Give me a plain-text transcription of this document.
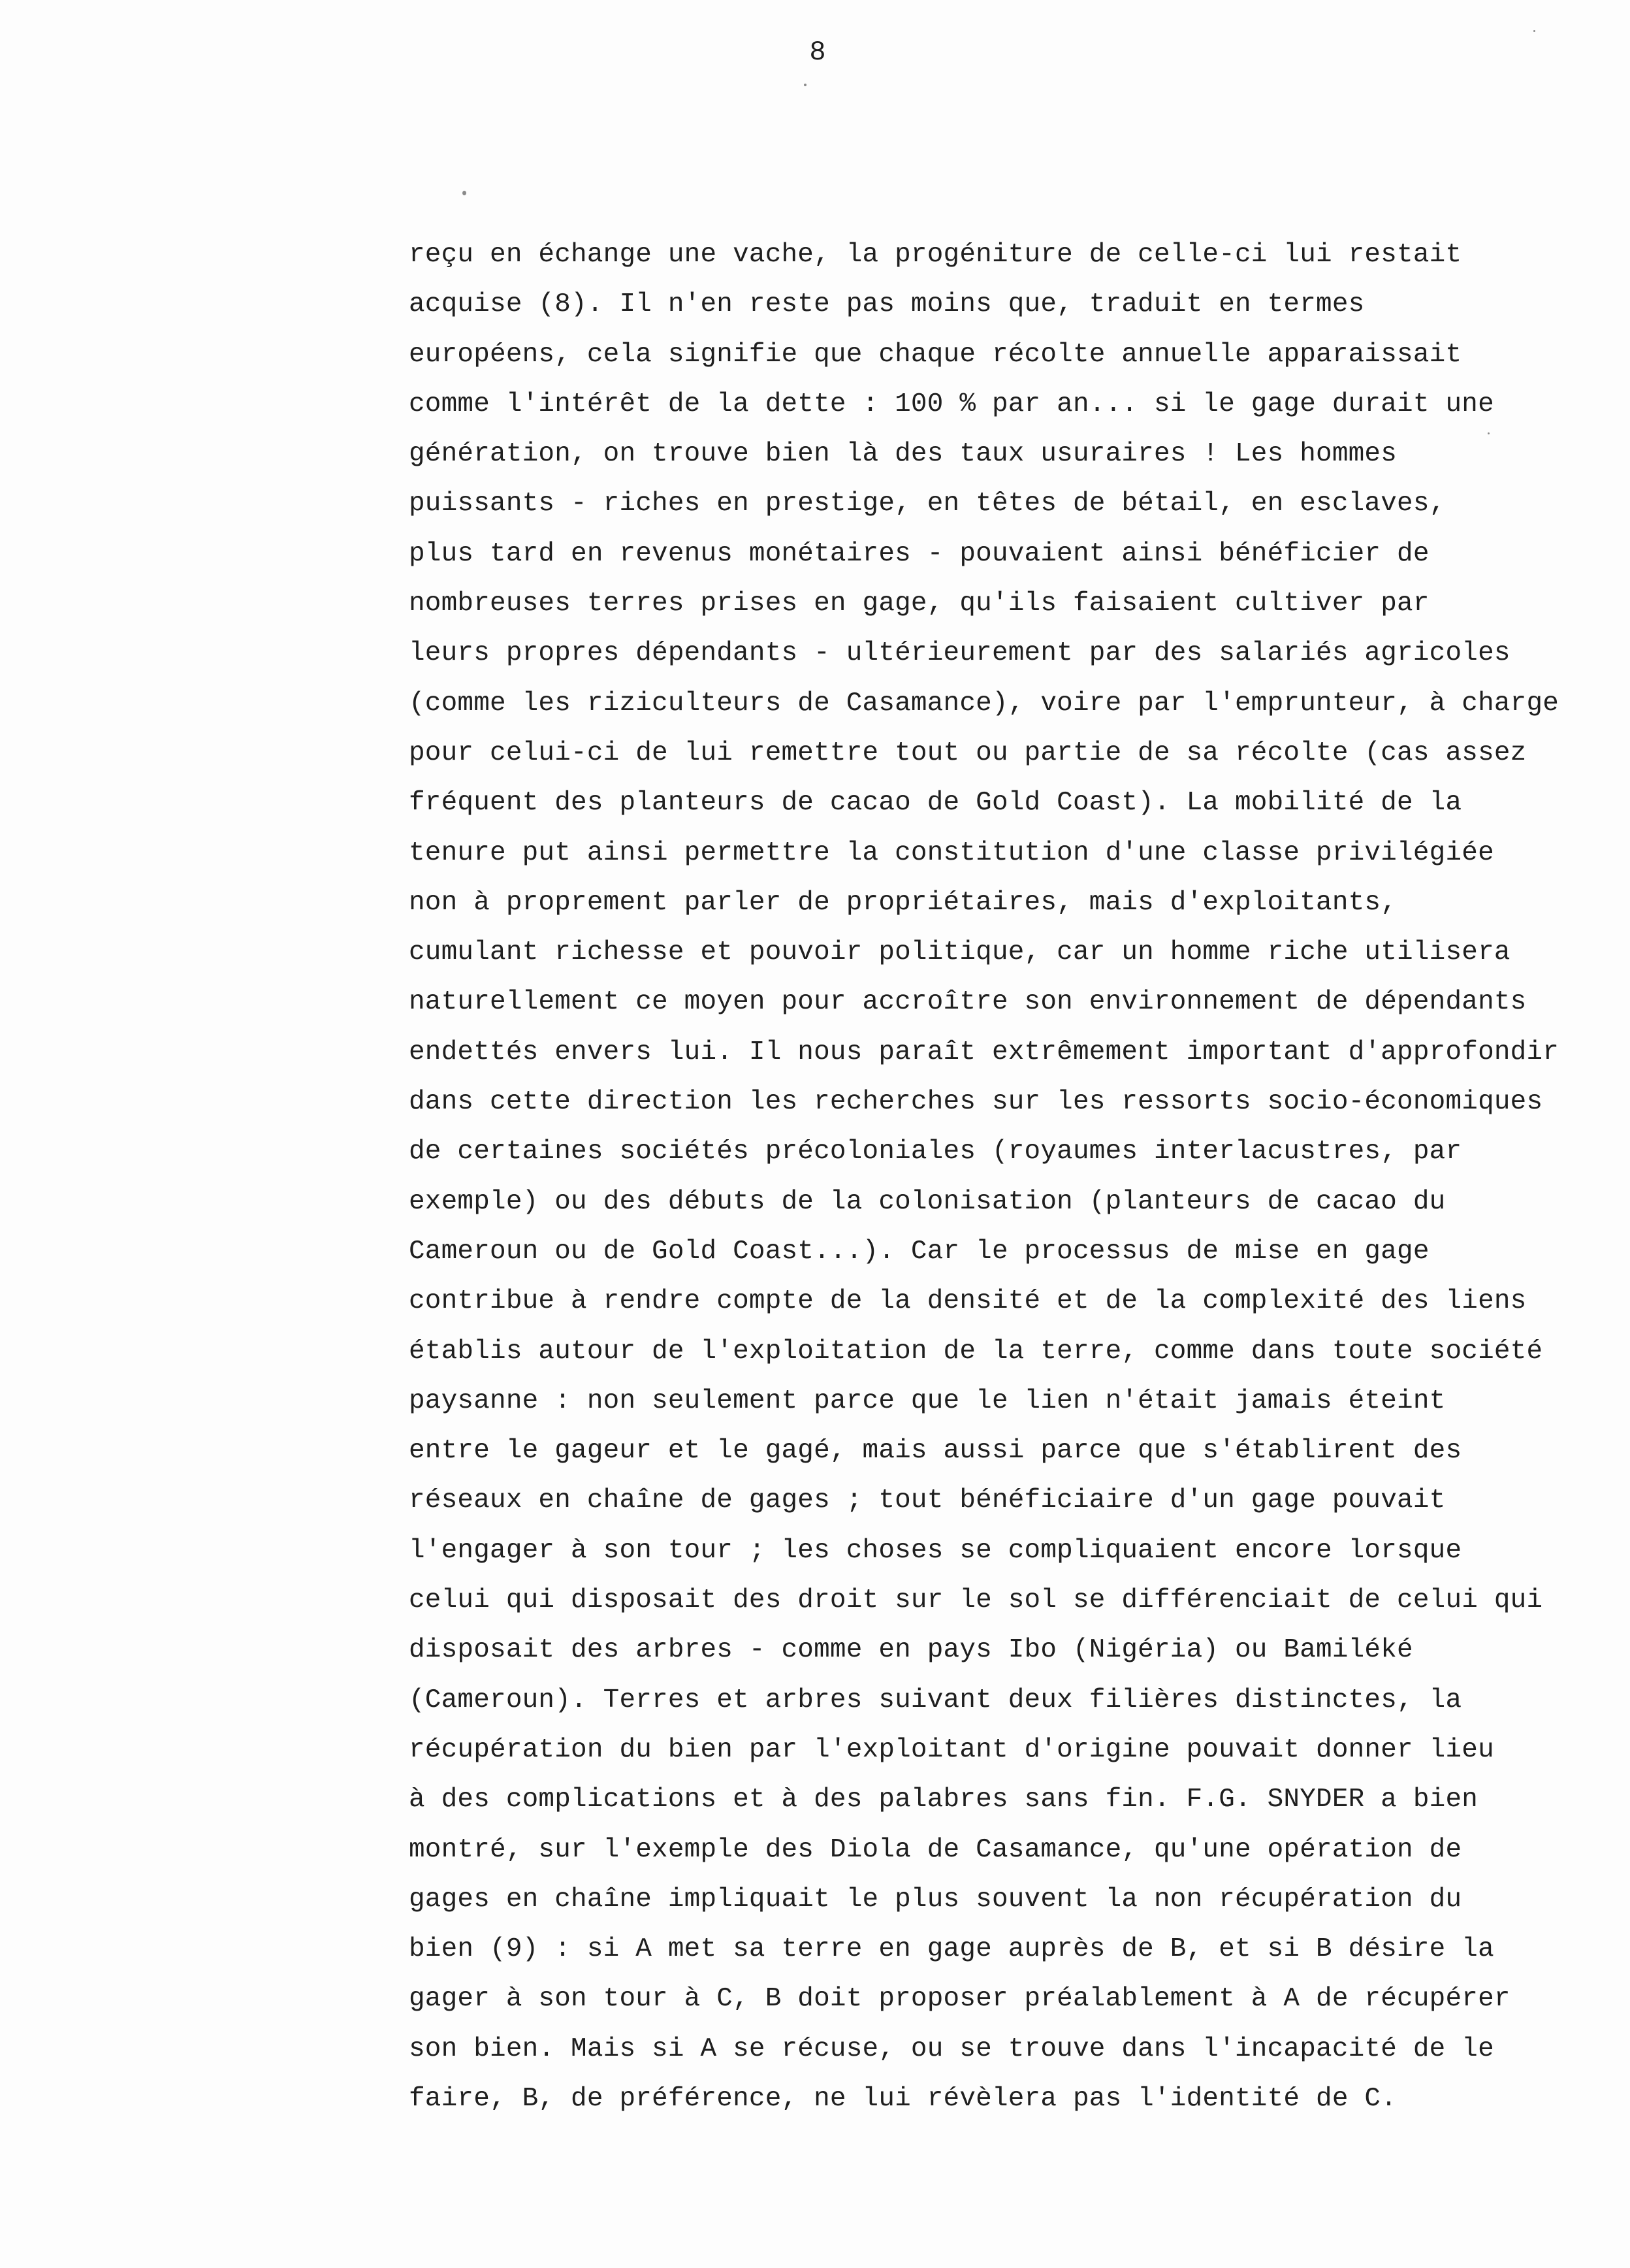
8
reçu en échange une vache, la progéniture de celle-ci lui restait
acquise (8). Il n'en reste pas moins que, traduit en termes
européens, cela signifie que chaque récolte annuelle apparaissait
comme l'intérêt de la dette : 100 % par an... si le gage durait une
génération, on trouve bien là des taux usuraires ! Les hommes
puissants - riches en prestige, en têtes de bétail, en esclaves,
plus tard en revenus monétaires - pouvaient ainsi bénéficier de
nombreuses terres prises en gage, qu'ils faisaient cultiver par
leurs propres dépendants - ultérieurement par des salariés agricoles
(comme les riziculteurs de Casamance), voire par l'emprunteur, à charge
pour celui-ci de lui remettre tout ou partie de sa récolte (cas assez
fréquent des planteurs de cacao de Gold Coast). La mobilité de la
tenure put ainsi permettre la constitution d'une classe privilégiée
non à proprement parler de propriétaires, mais d'exploitants,
cumulant richesse et pouvoir politique, car un homme riche utilisera
naturellement ce moyen pour accroître son environnement de dépendants
endettés envers lui. Il nous paraît extrêmement important d'approfondir
dans cette direction les recherches sur les ressorts socio-économiques
de certaines sociétés précoloniales (royaumes interlacustres, par
exemple) ou des débuts de la colonisation (planteurs de cacao du
Cameroun ou de Gold Coast...). Car le processus de mise en gage
contribue à rendre compte de la densité et de la complexité des liens
établis autour de l'exploitation de la terre, comme dans toute société
paysanne : non seulement parce que le lien n'était jamais éteint
entre le gageur et le gagé, mais aussi parce que s'établirent des
réseaux en chaîne de gages ; tout bénéficiaire d'un gage pouvait
l'engager à son tour ; les choses se compliquaient encore lorsque
celui qui disposait des droit sur le sol se différenciait de celui qui
disposait des arbres - comme en pays Ibo (Nigéria) ou Bamiléké
(Cameroun). Terres et arbres suivant deux filières distinctes, la
récupération du bien par l'exploitant d'origine pouvait donner lieu
à des complications et à des palabres sans fin. F.G. SNYDER a bien
montré, sur l'exemple des Diola de Casamance, qu'une opération de
gages en chaîne impliquait le plus souvent la non récupération du
bien (9) : si A met sa terre en gage auprès de B, et si B désire la
gager à son tour à C, B doit proposer préalablement à A de récupérer
son bien. Mais si A se récuse, ou se trouve dans l'incapacité de le
faire, B, de préférence, ne lui révèlera pas l'identité de C.
